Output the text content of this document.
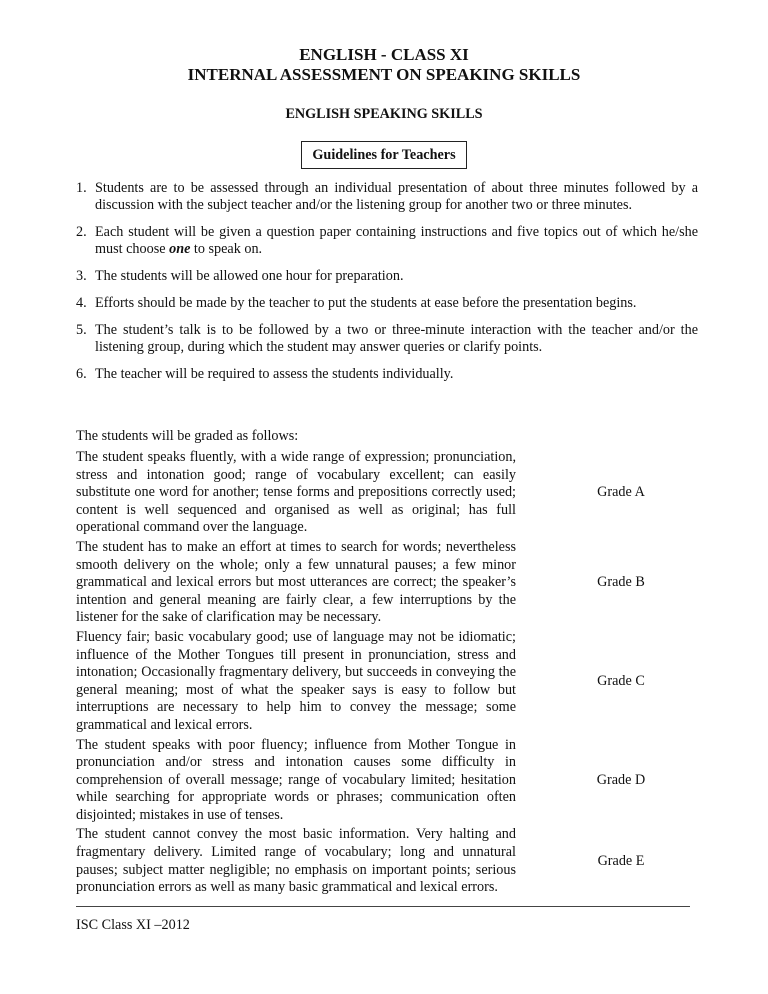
ENGLISH - CLASS XI
INTERNAL ASSESSMENT ON SPEAKING SKILLS
ENGLISH SPEAKING SKILLS
Guidelines for Teachers
1. Students are to be assessed through an individual presentation of about three minutes followed by a discussion with the subject teacher and/or the listening group for another two or three minutes.
2. Each student will be given a question paper containing instructions and five topics out of which he/she must choose one to speak on.
3. The students will be allowed one hour for preparation.
4. Efforts should be made by the teacher to put the students at ease before the presentation begins.
5. The student’s talk is to be followed by a two or three-minute interaction with the teacher and/or the listening group, during which the student may answer queries or clarify points.
6. The teacher will be required to assess the students individually.
The students will be graded as follows:
The student speaks fluently, with a wide range of expression; pronunciation, stress and intonation good; range of vocabulary excellent; can easily substitute one word for another; tense forms and prepositions correctly used; content is well sequenced and organised as well as original; has full operational command over the language.
Grade A
The student has to make an effort at times to search for words; nevertheless smooth delivery on the whole; only a few unnatural pauses; a few minor grammatical and lexical errors but most utterances are correct; the speaker’s intention and general meaning are fairly clear, a few interruptions by the listener for the sake of clarification may be necessary.
Grade B
Fluency fair; basic vocabulary good; use of language may not be idiomatic; influence of the Mother Tongues till present in pronunciation, stress and intonation; Occasionally fragmentary delivery, but succeeds in conveying the general meaning; most of what the speaker says is easy to follow but interruptions are necessary to help him to convey the message; some grammatical and lexical errors.
Grade C
The student speaks with poor fluency; influence from Mother Tongue in pronunciation and/or stress and intonation causes some difficulty in comprehension of overall message; range of vocabulary limited; hesitation while searching for appropriate words or phrases; communication often disjointed; mistakes in use of tenses.
Grade D
The student cannot convey the most basic information. Very halting and fragmentary delivery. Limited range of vocabulary; long and unnatural pauses; subject matter negligible; no emphasis on important points; serious pronunciation errors as well as many basic grammatical and lexical errors.
Grade E
ISC Class XI –2012
